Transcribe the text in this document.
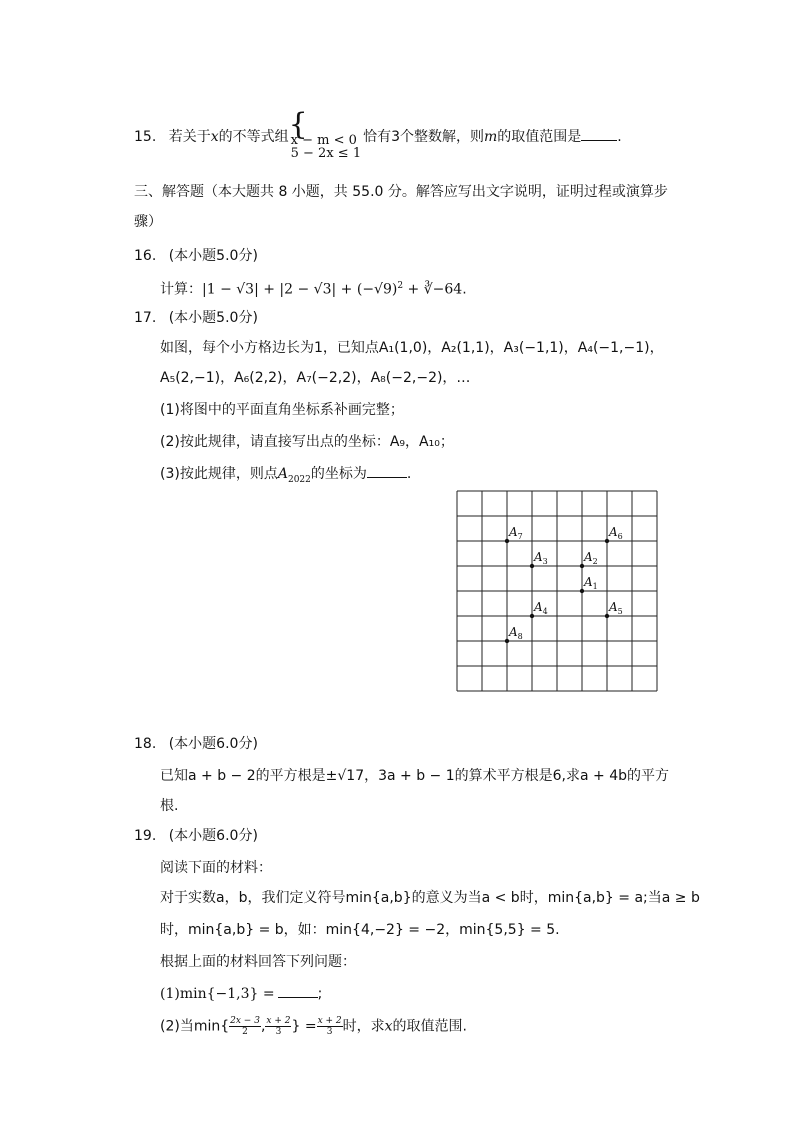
15. 若关于x的不等式组 {
x − m < 0
5 − 2x ≤ 1
恰有3个整数解，则m的取值范围是	.
三、解答题（本大题共 8 小题，共 55.0 分。解答应写出文字说明，证明过程或演算步
骤）
16. (本小题5.0分)
计算：$|1 - √3| + |2 - √3| + (-√9)^2$ + ∛−64.
17. (本小题5.0分)
如图，每个小方格边长为1，已知点A₁(1,0)，A₂(1,1)，A₃(−1,1)，A₄(−1,−1)，
A₅(2,−1)，A₆(2,2)，A₇(−2,2)，A₈(−2,−2)，…
(1)将图中的平面直角坐标系补画完整；
(2)按此规律，请直接写出点的坐标：A₉，A₁₀；
(3)按此规律，则点$A_{2022}$的坐标为	.
$A_1$
$A_2$
$A_3$
$A_4$	$A_5$
$A_6$
$A_7$
$A_8$
18. (本小题6.0分)
已知a + b − 2的平方根是±√17，3a + b − 1的算术平方根是6,求a + 4b的平方
根.
19. (本小题6.0分)
阅读下面的材料：
对于实数a，b，我们定义符号min{a,b}的意义为当a < b时，min{a,b} = a;当a ≥ b
时，min{a,b} = b，如：min{4,−2} = −2，min{5,5} = 5.
根据上面的材料回答下列问题：
(1)min{−1,3} =	;
(2)当$\min\{ \frac{2x - 3}{2}$ , $\frac{x + 2}{3}$ } = $\frac{x + 2}{3}$ 时，求x的取值范围.
